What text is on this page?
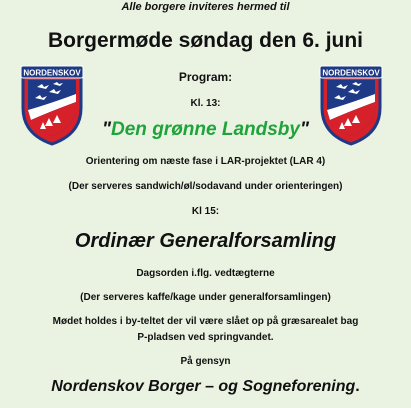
Alle borgere inviteres hermed til
Borgermøde søndag den 6. juni
Program:
Kl. 13:
"Den grønne Landsby"
Orientering om næste fase i LAR-projektet (LAR 4)
(Der serveres sandwich/øl/sodavand under orienteringen)
Kl 15:
Ordinær Generalforsamling
Dagsorden i.flg. vedtægterne
(Der serveres kaffe/kage under generalforsamlingen)
Mødet holdes i by-teltet der vil være slået op på græsarealet bag
P-pladsen ved springvandet.
På gensyn
Nordenskov Borger – og Sogneforening.
NORDENSKOV	NORDENSKOV
